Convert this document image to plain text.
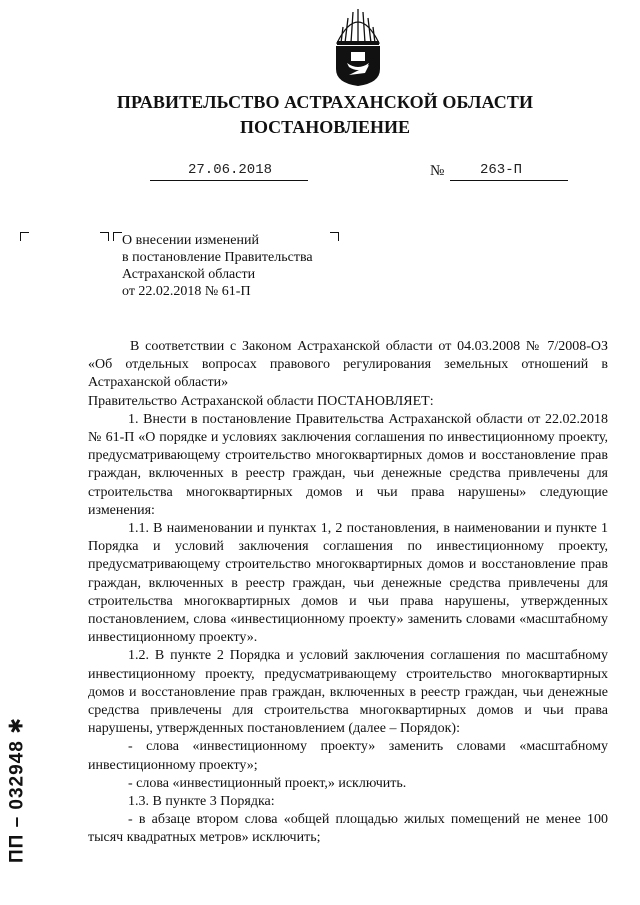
ПРАВИТЕЛЬСТВО АСТРАХАНСКОЙ ОБЛАСТИ
ПОСТАНОВЛЕНИЕ
27.06.2018	№	263-П
О внесении изменений
в постановление Правительства
Астраханской области
от 22.02.2018 № 61-П

В соответствии с Законом Астраханской области от 04.03.2008 № 7/2008-ОЗ «Об отдельных вопросах правового регулирования земельных отношений в Астраханской области»

Правительство Астраханской области ПОСТАНОВЛЯЕТ:

1. Внести в постановление Правительства Астраханской области от 22.02.2018 № 61-П «О порядке и условиях заключения соглашения по инвестиционному проекту, предусматривающему строительство многоквартирных домов и восстановление прав граждан, включенных в реестр граждан, чьи денежные средства привлечены для строительства многоквартирных домов и чьи права нарушены» следующие изменения:

1.1. В наименовании и пунктах 1, 2 постановления, в наименовании и пункте 1 Порядка и условий заключения соглашения по инвестиционному проекту, предусматривающему строительство многоквартирных домов и восстановление прав граждан, включенных в реестр граждан, чьи денежные средства привлечены для строительства многоквартирных домов и чьи права нарушены, утвержденных постановлением, слова «инвестиционному проекту» заменить словами «масштабному инвестиционному проекту».

1.2. В пункте 2 Порядка и условий заключения соглашения по масштабному инвестиционному проекту, предусматривающему строительство многоквартирных домов и восстановление прав граждан, включенных в реестр граждан, чьи денежные средства привлечены для строительства многоквартирных домов и чьи права нарушены, утвержденных постановлением (далее – Порядок):

- слова «инвестиционному проекту» заменить словами «масштабному инвестиционному проекту»;

- слова «инвестиционный проект,» исключить.

1.3. В пункте 3 Порядка:

- в абзаце втором слова «общей площадью жилых помещений не менее 100 тысяч квадратных метров» исключить;

ПП – 032948 ✱
